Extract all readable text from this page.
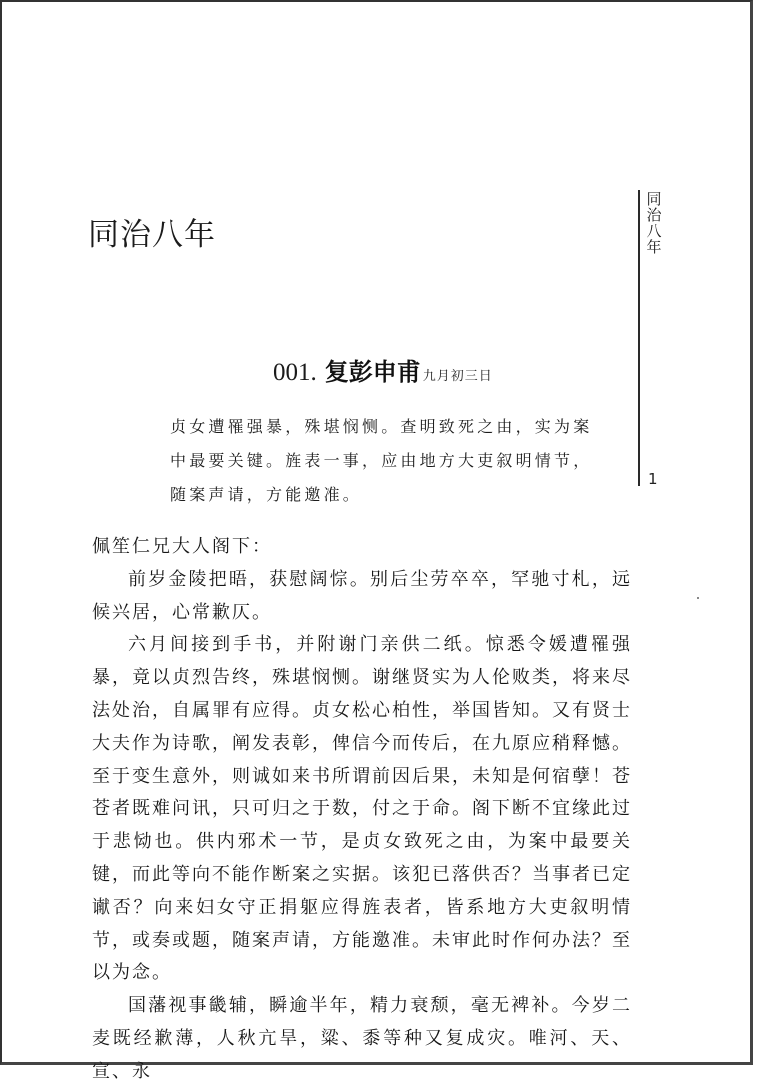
同治八年
同
治
八
年
1
001. 复彭申甫 九月初三日

贞女遭罹强暴，殊堪悯恻。查明致死之由，实为案

中最要关键。旌表一事，应由地方大吏叙明情节，

随案声请，方能邀准。

佩笙仁兄大人阁下：

前岁金陵把晤，获慰阔悰。别后尘劳卒卒，罕驰寸札，远候兴居，心常歉仄。

六月间接到手书，并附谢门亲供二纸。惊悉令媛遭罹强暴，竟以贞烈告终，殊堪悯恻。谢继贤实为人伦败类，将来尽法处治，自属罪有应得。贞女松心柏性，举国皆知。又有贤士大夫作为诗歌，阐发表彰，俾信今而传后，在九原应稍释憾。至于变生意外，则诚如来书所谓前因后果，未知是何宿孽！苍苍者既难问讯，只可归之于数，付之于命。阁下断不宜缘此过于悲恸也。供内邪术一节，是贞女致死之由，为案中最要关键，而此等向不能作断案之实据。该犯已落供否？当事者已定谳否？向来妇女守正捐躯应得旌表者，皆系地方大吏叙明情节，或奏或题，随案声请，方能邀准。未审此时作何办法？至以为念。

国藩视事畿辅，瞬逾半年，精力衰颓，毫无裨补。今岁二麦既经歉薄，人秋亢旱，粱、黍等种又复成灾。唯河、天、宣、永
